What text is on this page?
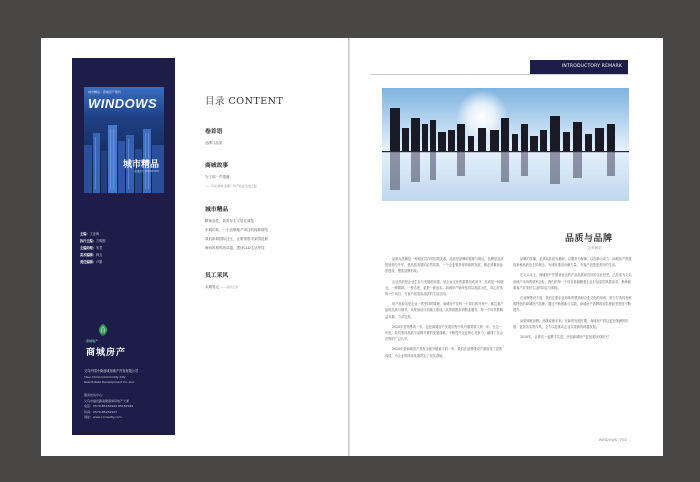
城市精品 · 商城房产期刊
WINDOWS
城市精品
商城房产 WINDOWS
主编：王亚海
执行主编：方明刚
主编助理：朱君
美术编辑：韩玉
责任编辑：卢娟
商城地产
商城房产
义乌中国小商品城房地产开发有限公司
Yiwu China Commodity City
Real Estate Development Co.,Ltd
服务热线中心：
义乌市福田路南侧商城房地产大厦
电话：0579-85182999 85182999
传真：0579-85182997
网址：www.cccrealty.com
目录 CONTENT
卷首语
品牌与品质
商城故事
为了那一声感谢
——写在商城·金都广场产权证发放之际
城市精品
精神品性，新青年主义居住典范
东城印象，一个品牌地产项目的纯粹情结
我们新城国际社区，让繁荣都市家园延伸
海西风格风尚卓越，建设CLD生活华居
员工采风
本期笔记 ——采访记录
INTRODUCTORY REMARK
品质与品牌
文/朱明宗

品质与品牌是一种相互共存的因果关系，品质是品牌的根基与保证，品牌是品质的延伸与升华，是品质发展的必然结果。一个企业要获得持续的发展，就必须重视品质建设，塑造品牌形象。

企业品质是企业生存与发展的前提，是企业文化的重要组成部分。品质是一种理念，一种精神，一种态度，更是一种追求。商城房产始终坚持以品质为先，用心打造每一个项目，为客户创造高品质的生活空间。

用产品说话是企业一贯坚持的原则，商城房产在每一个项目的开发中，都注重产品的品质与细节，从规划设计到施工建设，从景观配套到物业服务，每一个环节都精益求精，力求完美。

2010年是特殊的一年，也是商城房产发展历程中具有重要意义的一年。在这一年里，我们坚持品质与品牌并重的发展战略，不断提升企业核心竞争力，赢得了社会各界的广泛认可。

2010年是商城房产具有全面突破意义的一年，我们在品牌建设方面取得了显著成绩，为企业的持续发展奠定了坚实基础。

品牌的传播，必须以品质为基础，以服务为保障，以创新为动力。商城房产将继续秉承品质至上的理念，为城市建设贡献力量，为客户创造更美好的生活。

在义乌本土，商城房产凭借其优良的产品品质和良好的企业信誉，已经成为义乌房地产市场的领军企业。我们的每一个项目都凝聚着企业对品质的执着追求，都承载着客户对美好生活的向往与期待。

在品牌建设方面，我们注重企业形象的塑造和企业文化的培育，努力打造具有鲜明特色的商城房产品牌。通过不断创新与实践，商城房产品牌的知名度和美誉度不断提升。

品质铸就品牌，品牌成就未来。在新的发展时期，商城房产将以更加饱满的热情、更加务实的作风，全力以赴推动企业实现新的跨越发展。

2010年，让我们一起携手共进，开创商城房产更加美好的明天！

WINDOWS / P02
